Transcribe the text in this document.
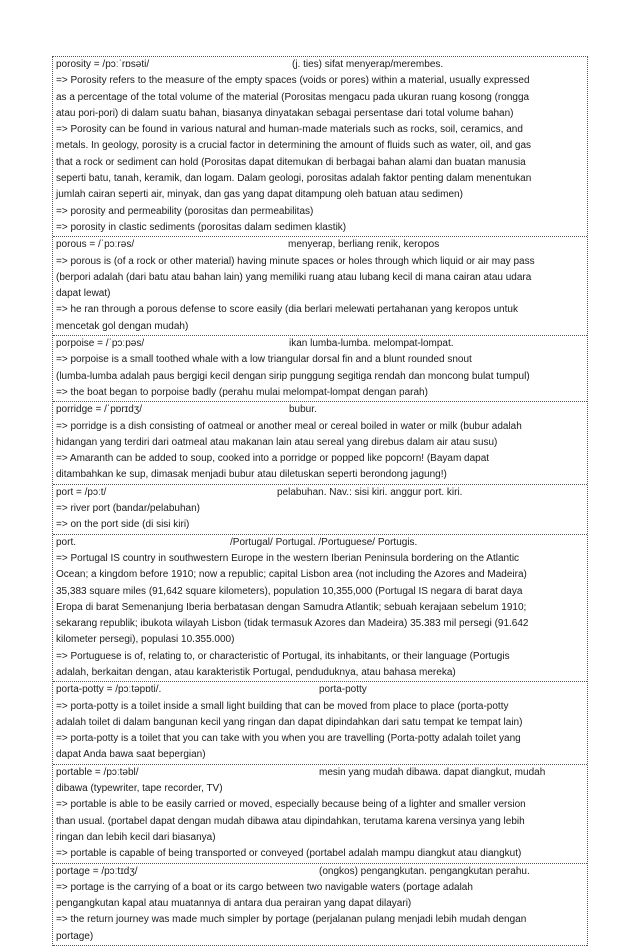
porosity = /pɔːˈrɒsəti/	(j. ties) sifat menyerap/merembes.
=> Porosity refers to the measure of the empty spaces (voids or pores) within a material, usually expressed
as a percentage of the total volume of the material (Porositas mengacu pada ukuran ruang kosong (rongga
atau pori-pori) di dalam suatu bahan, biasanya dinyatakan sebagai persentase dari total volume bahan)
=> Porosity can be found in various natural and human-made materials such as rocks, soil, ceramics, and
metals. In geology, porosity is a crucial factor in determining the amount of fluids such as water, oil, and gas
that a rock or sediment can hold (Porositas dapat ditemukan di berbagai bahan alami dan buatan manusia
seperti batu, tanah, keramik, dan logam. Dalam geologi, porositas adalah faktor penting dalam menentukan
jumlah cairan seperti air, minyak, dan gas yang dapat ditampung oleh batuan atau sedimen)
=> porosity and permeability (porositas dan permeabilitas)
=> porosity in clastic sediments (porositas dalam sedimen klastik)
porous = /ˈpɔːrəs/	menyerap, berliang renik, keropos
=> porous is (of a rock or other material) having minute spaces or holes through which liquid or air may pass
(berpori adalah (dari batu atau bahan lain) yang memiliki ruang atau lubang kecil di mana cairan atau udara
dapat lewat)
=> he ran through a porous defense to score easily (dia berlari melewati pertahanan yang keropos untuk
mencetak gol dengan mudah)
porpoise = /ˈpɔːpəs/	ikan lumba-lumba. melompat-lompat.
=> porpoise is a small toothed whale with a low triangular dorsal fin and a blunt rounded snout
(lumba-lumba adalah paus bergigi kecil dengan sirip punggung segitiga rendah dan moncong bulat tumpul)
=> the boat began to porpoise badly (perahu mulai melompat-lompat dengan parah)
porridge = /ˈpɒrɪdʒ/	bubur.
=> porridge is a dish consisting of oatmeal or another meal or cereal boiled in water or milk (bubur adalah
hidangan yang terdiri dari oatmeal atau makanan lain atau sereal yang direbus dalam air atau susu)
=> Amaranth can be added to soup, cooked into a porridge or popped like popcorn! (Bayam dapat
ditambahkan ke sup, dimasak menjadi bubur atau diletuskan seperti berondong jagung!)
port = /pɔːt/	pelabuhan. Nav.: sisi kiri. anggur port. kiri.
=> river port (bandar/pelabuhan)
=> on the port side (di sisi kiri)
port.	/Portugal/ Portugal. /Portuguese/ Portugis.
=> Portugal IS country in southwestern Europe in the western Iberian Peninsula bordering on the Atlantic
Ocean; a kingdom before 1910; now a republic; capital Lisbon area (not including the Azores and Madeira)
35,383 square miles (91,642 square kilometers), population 10,355,000 (Portugal IS negara di barat daya
Eropa di barat Semenanjung Iberia berbatasan dengan Samudra Atlantik; sebuah kerajaan sebelum 1910;
sekarang republik; ibukota wilayah Lisbon (tidak termasuk Azores dan Madeira) 35.383 mil persegi (91.642
kilometer persegi), populasi 10.355.000)
=> Portuguese is of, relating to, or characteristic of Portugal, its inhabitants, or their language (Portugis
adalah, berkaitan dengan, atau karakteristik Portugal, penduduknya, atau bahasa mereka)
porta-potty = /pɔːtəpɒti/.	porta-potty
=> porta-potty is a toilet inside a small light building that can be moved from place to place (porta-potty
adalah toilet di dalam bangunan kecil yang ringan dan dapat dipindahkan dari satu tempat ke tempat lain)
=> porta-potty is a toilet that you can take with you when you are travelling (Porta-potty adalah toilet yang
dapat Anda bawa saat bepergian)
portable = /pɔːtəbl/	mesin yang mudah dibawa. dapat diangkut, mudah
dibawa (typewriter, tape recorder, TV)
=> portable is able to be easily carried or moved, especially because being of a lighter and smaller version
than usual. (portabel dapat dengan mudah dibawa atau dipindahkan, terutama karena versinya yang lebih
ringan dan lebih kecil dari biasanya)
=> portable is capable of being transported or conveyed (portabel adalah mampu diangkut atau diangkut)
portage = /pɔːtɪdʒ/	(ongkos) pengangkutan. pengangkutan perahu.
=> portage is the carrying of a boat or its cargo between two navigable waters (portage adalah
pengangkutan kapal atau muatannya di antara dua perairan yang dapat dilayari)
=> the return journey was made much simpler by portage (perjalanan pulang menjadi lebih mudah dengan
portage)
